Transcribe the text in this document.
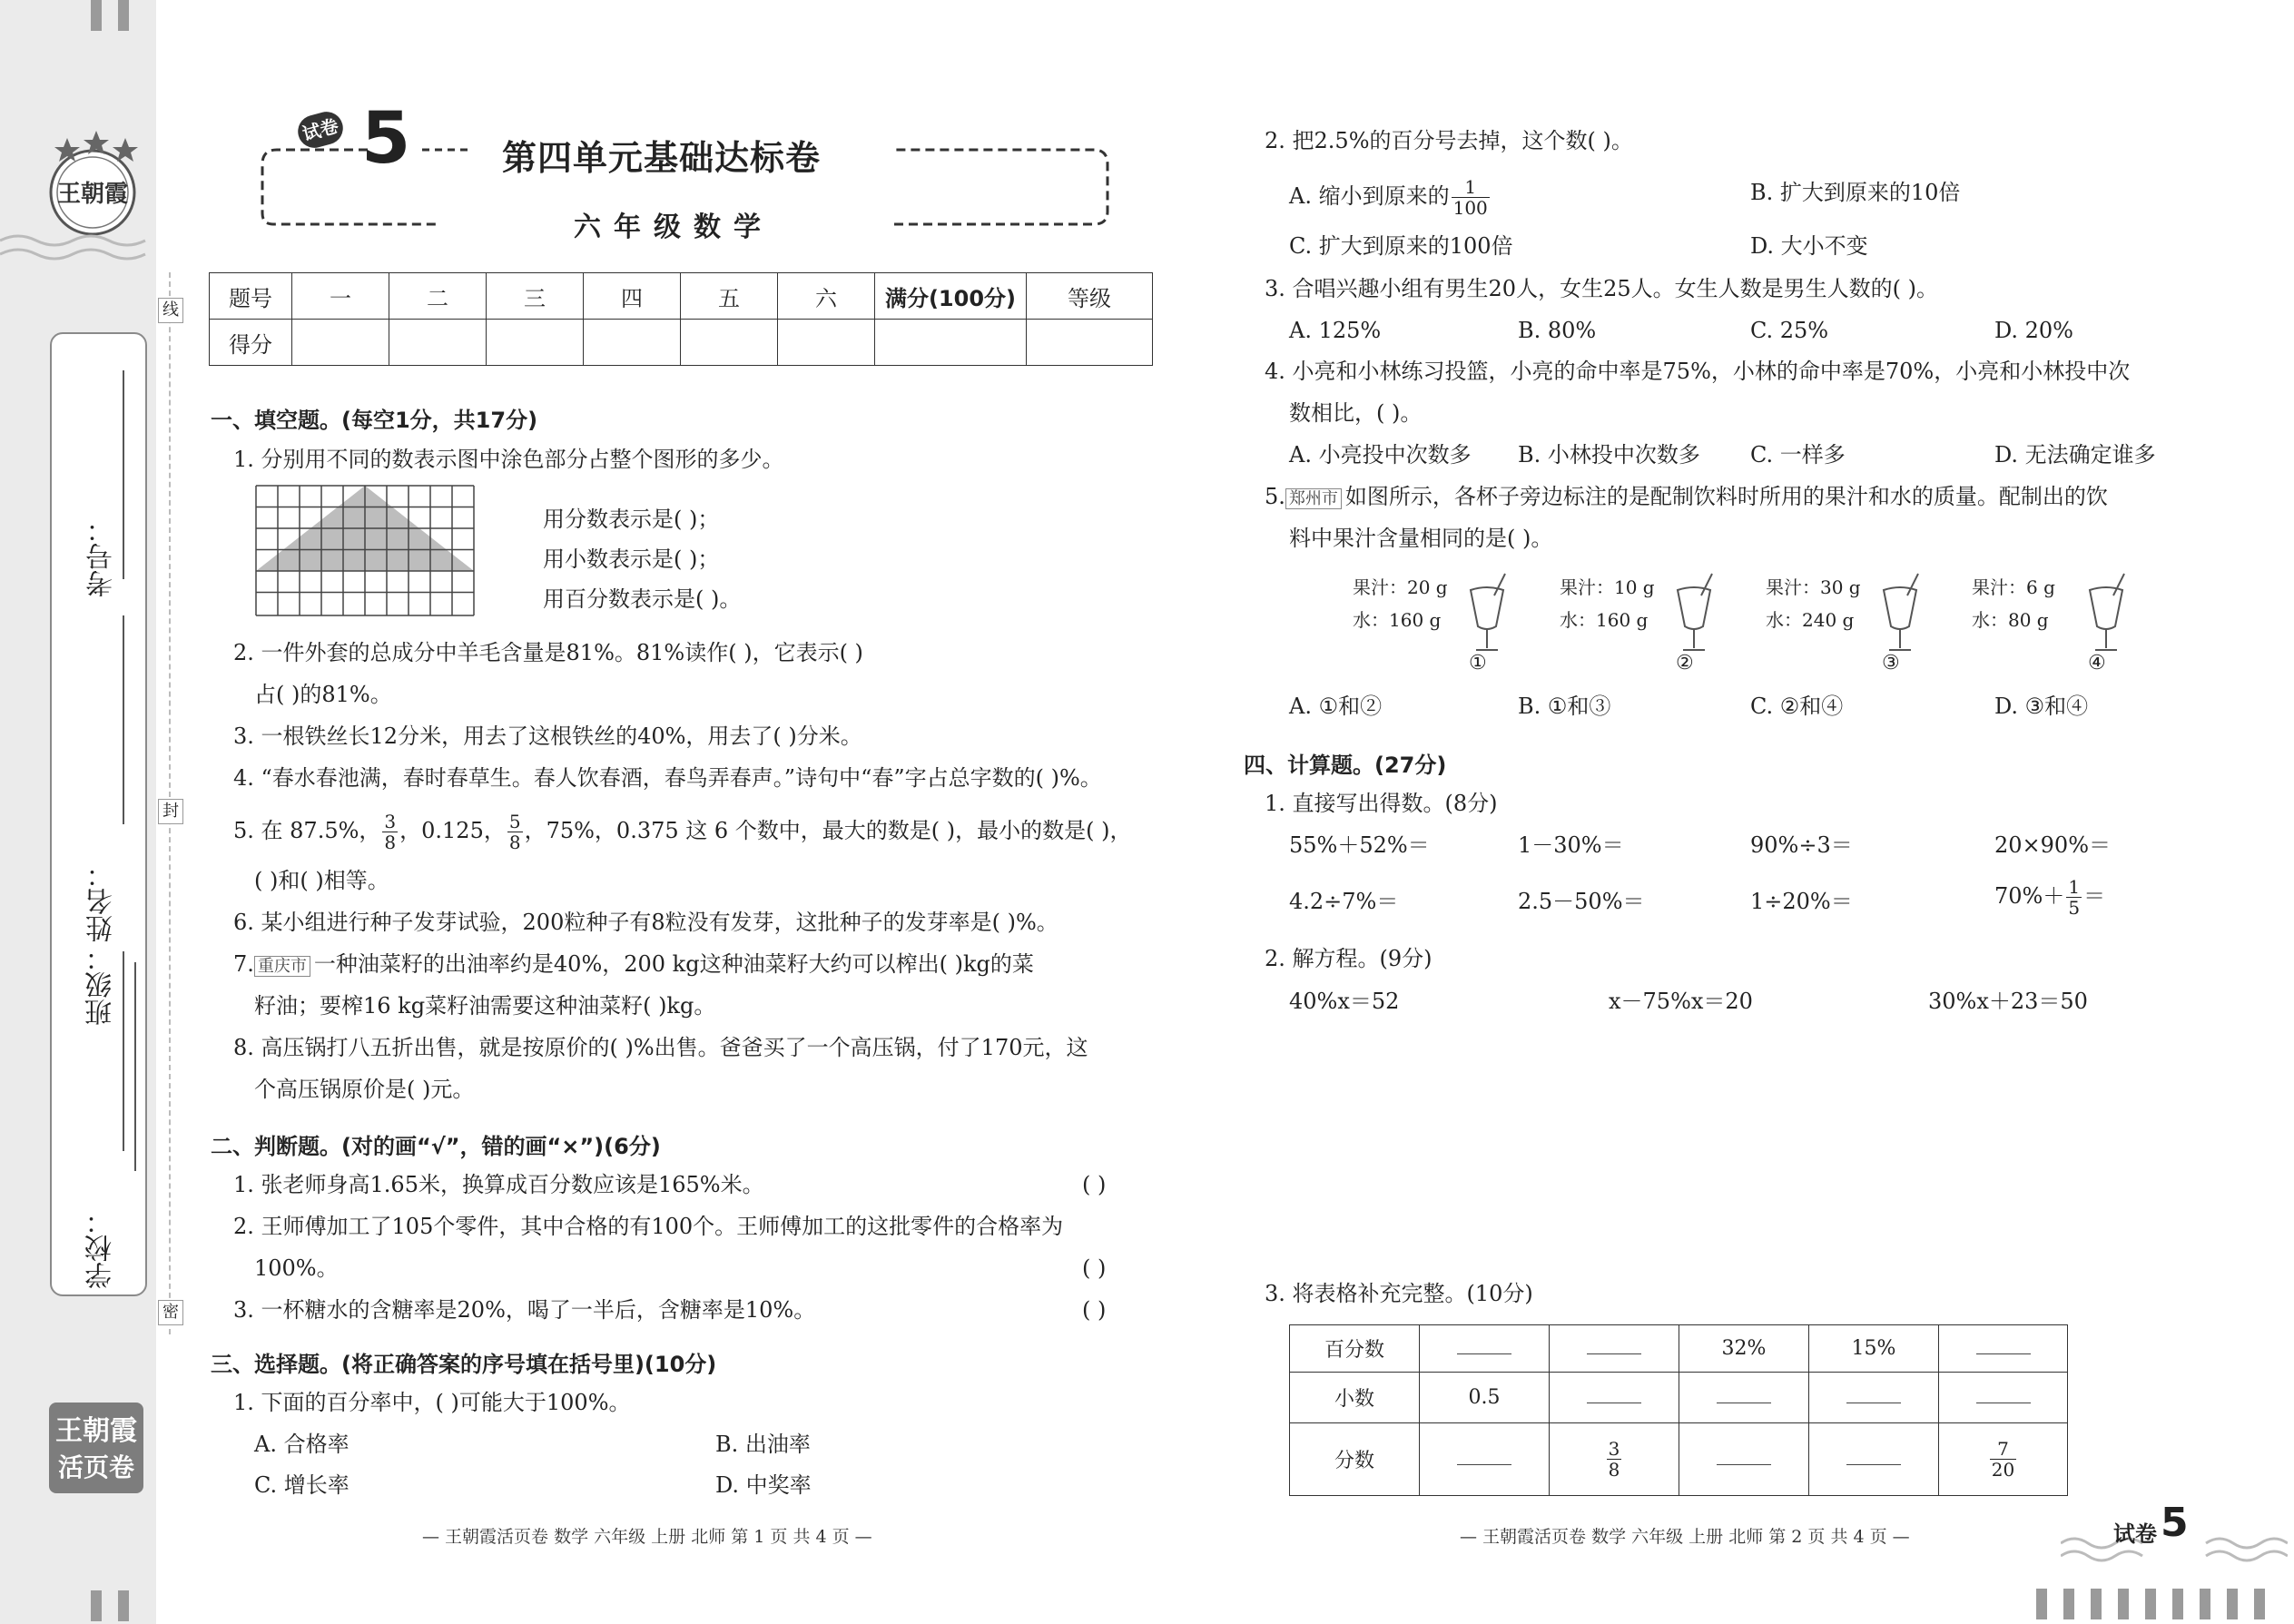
王朝霞
姓名：
考号：
班级：
学校：
王朝霞
活页卷
线
封
密
试卷 5	第四单元基础达标卷
六年级数学
题号	一	二	三	四	五	六	满分(100分)	等级
得分								
一、填空题。(每空1分，共17分)
1. 分别用不同的数表示图中涂色部分占整个图形的多少。
用分数表示是( )；
用小数表示是( )；
用百分数表示是( )。
2. 一件外套的总成分中羊毛含量是81%。81%读作( )，它表示( )
占( )的81%。
3. 一根铁丝长12分米，用去了这根铁丝的40%，用去了( )分米。
4. “春水春池满，春时春草生。春人饮春酒，春鸟弄春声。”诗句中“春”字占总字数的( )%。
5. 在 87.5%， $\frac{3}{8}$ ，0.125， $\frac{5}{8}$ ，75%，0.375 这 6 个数中，最大的数是( )，最小的数是( )，
( )和( )相等。
6. 某小组进行种子发芽试验，200粒种子有8粒没有发芽，这批种子的发芽率是( )%。
7. 重庆市 一种油菜籽的出油率约是40%，200 kg这种油菜籽大约可以榨出( )kg的菜
籽油；要榨16 kg菜籽油需要这种油菜籽( )kg。
8. 高压锅打八五折出售，就是按原价的( )%出售。爸爸买了一个高压锅，付了170元，这
个高压锅原价是( )元。
二、判断题。(对的画“√”，错的画“×”)(6分)
1. 张老师身高1.65米，换算成百分数应该是165%米。	( )
2. 王师傅加工了105个零件，其中合格的有100个。王师傅加工的这批零件的合格率为
100%。	( )
3. 一杯糖水的含糖率是20%，喝了一半后，含糖率是10%。	( )
三、选择题。(将正确答案的序号填在括号里)(10分)
1. 下面的百分率中，( )可能大于100%。
A. 合格率	B. 出油率
C. 增长率	D. 中奖率
— 王朝霞活页卷 数学 六年级 上册 北师 第 1 页 共 4 页 —
2. 把2.5%的百分号去掉，这个数( )。
A. 缩小到原来的 $\frac{1}{100}$	B. 扩大到原来的10倍
C. 扩大到原来的100倍	D. 大小不变
3. 合唱兴趣小组有男生20人，女生25人。女生人数是男生人数的( )。
A. 125%	B. 80%	C. 25%	D. 20%
4. 小亮和小林练习投篮，小亮的命中率是75%，小林的命中率是70%，小亮和小林投中次
数相比，( )。
A. 小亮投中次数多 B. 小林投中次数多 C. 一样多	D. 无法确定谁多
5. 郑州市 如图所示，各杯子旁边标注的是配制饮料时所用的果汁和水的质量。配制出的饮
料中果汁含量相同的是( )。
果汁：20 g
水：160 g
①
果汁：10 g
水：160 g
②
果汁：30 g
水：240 g
③
果汁：6 g
水：80 g
④
A. ①和②	B. ①和③	C. ②和④	D. ③和④
四、计算题。(27分)
1. 直接写出得数。(8分)
55%＋52%＝	1－30%＝	90%÷3＝	20×90%＝
4.2÷7%＝	2.5－50%＝	1÷20%＝	$70\%+ \frac{1}{5}$ ＝
2. 解方程。(9分)
40%x＝52	x－75%x＝20	30%x＋23＝50
3. 将表格补充完整。(10分)
百分数			32%	15%	
小数	0.5				
分数		$\frac{3}{8}$			$\frac{7}{20}$
— 王朝霞活页卷 数学 六年级 上册 北师 第 2 页 共 4 页 —	试卷 5
